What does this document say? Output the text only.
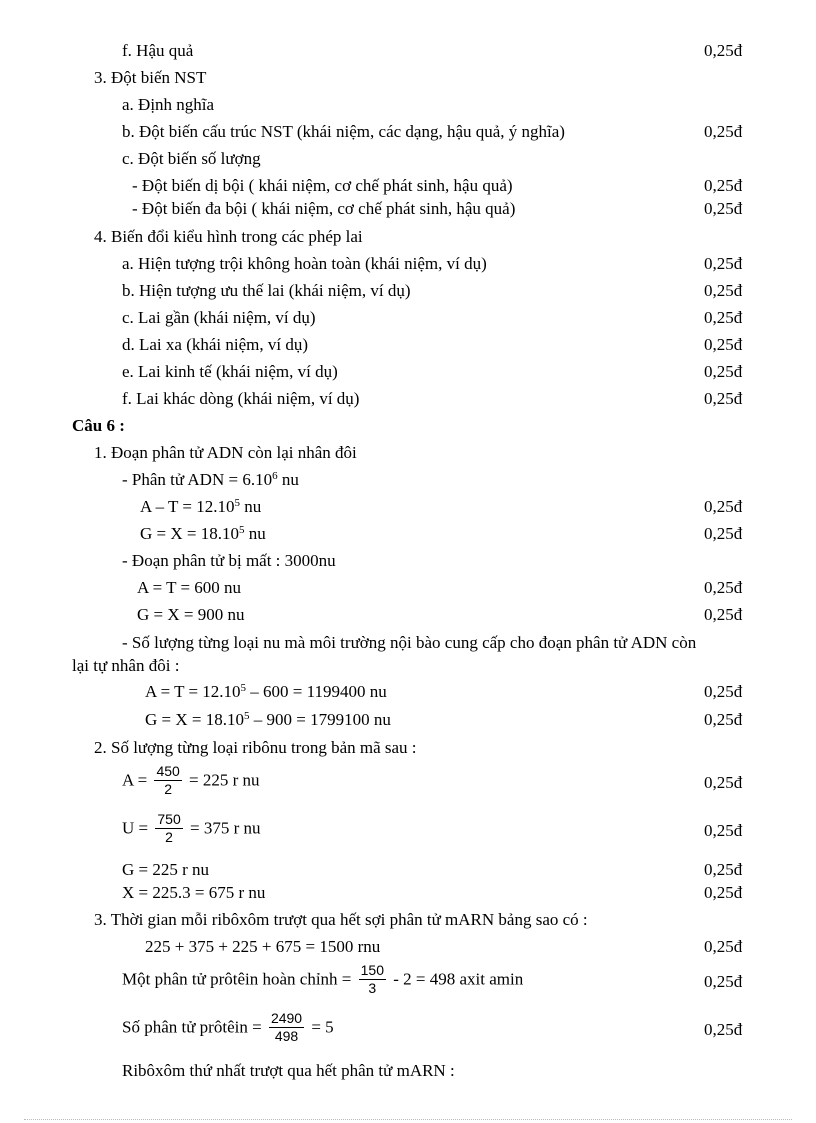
f. Hậu quả	0,25đ
3. Đột biến NST
a. Định nghĩa
b. Đột biến cấu trúc NST (khái niệm, các dạng, hậu quả, ý nghĩa)	0,25đ
c. Đột biến số lượng
- Đột biến dị bội ( khái niệm, cơ chế phát sinh, hậu quả)	0,25đ
- Đột biến đa bội ( khái niệm, cơ chế phát sinh, hậu quả)	0,25đ
4. Biến đổi kiểu hình trong các phép lai
a. Hiện tượng trội không hoàn toàn (khái niệm, ví dụ)	0,25đ
b. Hiện tượng ưu thế lai (khái niệm, ví dụ)	0,25đ
c. Lai gần (khái niệm, ví dụ)	0,25đ
d. Lai xa (khái niệm, ví dụ)	0,25đ
e. Lai kinh tế (khái niệm, ví dụ)	0,25đ
f. Lai khác dòng (khái niệm, ví dụ)	0,25đ
Câu 6 :
1. Đoạn phân tử ADN còn lại nhân đôi
- Phân tử ADN = $6.10^6$ nu
$A - T = 12.10^5$ nu	0,25đ
$G = X = 18.10^5$ nu	0,25đ
- Đoạn phân tử bị mất : 3000nu
A = T = 600 nu	0,25đ
G = X = 900 nu	0,25đ
- Số lượng từng loại nu mà môi trường nội bào cung cấp cho đoạn phân tử ADN còn
lại tự nhân đôi :
$A = T = 12.10^5 - 600 = 1199400$ nu	0,25đ
$G = X = 18.10^5 - 900 = 1799100$ nu	0,25đ
2. Số lượng từng loại ribônu trong bản mã sau :
$A = \frac{450}{2} = 225$ r nu	0,25đ
$U = \frac{750}{2} = 375$ r nu	0,25đ
G = 225 r nu	0,25đ
X = 225.3 = 675 r nu	0,25đ
3. Thời gian mỗi ribôxôm trượt qua hết sợi phân tử mARN bảng sao có :
225 + 375 + 225 + 675 = 1500 rnu	0,25đ
Một phân tử prôtêin hoàn chỉnh = $\frac{150}{3} - 2 = 498$ axit amin	0,25đ
Số phân tử prôtêin = $\frac{2490}{498} = 5$	0,25đ
Ribôxôm thứ nhất trượt qua hết phân tử mARN :
